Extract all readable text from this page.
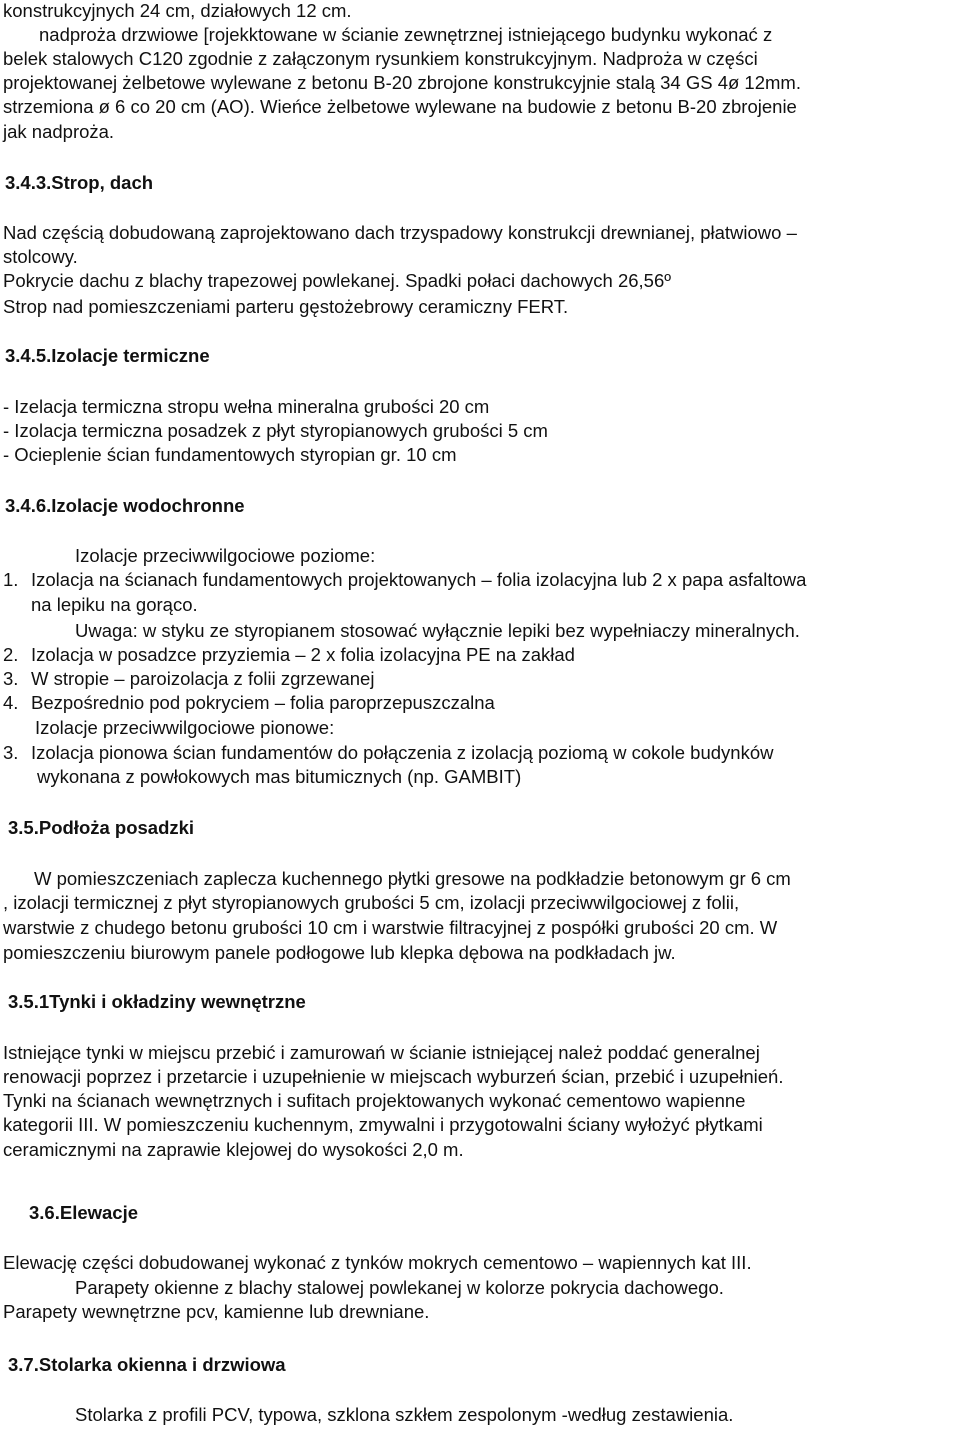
konstrukcyjnych 24 cm, działowych 12 cm.
nadproża drzwiowe [rojekktowane w ścianie zewnętrznej istniejącego budynku wykonać z
belek stalowych C120 zgodnie z załączonym rysunkiem konstrukcyjnym. Nadproża w części
projektowanej żelbetowe wylewane z betonu B-20 zbrojone konstrukcyjnie stalą 34 GS 4ø 12mm.
strzemiona ø 6 co 20 cm (AO). Wieńce żelbetowe wylewane na budowie z betonu B-20 zbrojenie
jak nadproża.
3.4.3.Strop, dach
Nad częścią dobudowaną zaprojektowano dach trzyspadowy konstrukcji drewnianej, płatwiowo –
stolcowy.
Pokrycie dachu z blachy trapezowej powlekanej. Spadki połaci dachowych 26,56º
Strop nad pomieszczeniami parteru gęstożebrowy ceramiczny FERT.
3.4.5.Izolacje termiczne
- Izelacja termiczna stropu wełna mineralna grubości 20 cm
- Izolacja termiczna posadzek z płyt styropianowych grubości 5 cm
- Ocieplenie ścian fundamentowych styropian gr. 10 cm
3.4.6.Izolacje wodochronne
Izolacje przeciwwilgociowe poziome:
1. Izolacja na ścianach fundamentowych projektowanych – folia izolacyjna lub 2 x papa asfaltowa
na lepiku na gorąco.
Uwaga: w styku ze styropianem stosować wyłącznie lepiki bez wypełniaczy mineralnych.
2. Izolacja w posadzce przyziemia – 2 x folia izolacyjna PE na zakład
3. W stropie – paroizolacja z folii zgrzewanej
4. Bezpośrednio pod pokryciem – folia paroprzepuszczalna
Izolacje przeciwwilgociowe pionowe:
3. Izolacja pionowa ścian fundamentów do połączenia z izolacją poziomą w cokole budynków
wykonana z powłokowych mas bitumicznych (np. GAMBIT)
3.5.Podłoża posadzki
W pomieszczeniach zaplecza kuchennego płytki gresowe na podkładzie betonowym gr 6 cm
, izolacji termicznej z płyt styropianowych grubości 5 cm, izolacji przeciwwilgociowej z folii,
warstwie z chudego betonu grubości 10 cm i warstwie filtracyjnej z pospółki grubości 20 cm. W
pomieszczeniu biurowym panele podłogowe lub klepka dębowa na podkładach jw.
3.5.1Tynki i okładziny wewnętrzne
Istniejące tynki w miejscu przebić i zamurowań w ścianie istniejącej należ poddać generalnej
renowacji poprzez i przetarcie i uzupełnienie w miejscach wyburzeń ścian, przebić i uzupełnień.
Tynki na ścianach wewnętrznych i sufitach projektowanych wykonać cementowo wapienne
kategorii III. W pomieszczeniu kuchennym, zmywalni i przygotowalni ściany wyłożyć płytkami
ceramicznymi na zaprawie klejowej do wysokości 2,0 m.
3.6.Elewacje
Elewację części dobudowanej wykonać z tynków mokrych cementowo – wapiennych kat III.
Parapety okienne z blachy stalowej powlekanej w kolorze pokrycia dachowego.
Parapety wewnętrzne pcv, kamienne lub drewniane.
3.7.Stolarka okienna i drzwiowa
Stolarka z profili PCV, typowa, szklona szkłem zespolonym -według zestawienia.
